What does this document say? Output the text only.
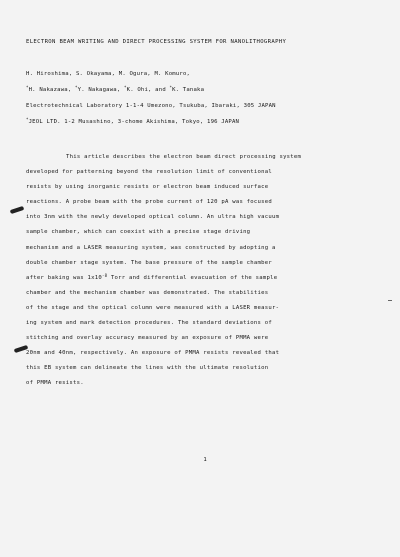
ELECTRON BEAM WRITING AND DIRECT PROCESSING SYSTEM FOR NANOLITHOGRAPHY
H. Hiroshima, S. Okayama, M. Ogura, M. Komuro,
*H. Nakazawa, *Y. Nakagawa, *K. Ohi, and *K. Tanaka
Electrotechnical Laboratory 1-1-4 Umezono, Tsukuba, Ibaraki, 305 JAPAN
*JEOL LTD. 1-2 Musashino, 3-chome Akishima, Tokyo, 196 JAPAN
This article describes the electron beam direct processing system
developed for patterning beyond the resolution limit of conventional
resists by using inorganic resists or electron beam induced surface
reactions. A probe beam with the probe current of 120 pA was focused
into 3nm with the newly developed optical column. An ultra high vacuum
sample chamber, which can coexist with a precise stage driving
mechanism and a LASER measuring system, was constructed by adopting a
double chamber stage system. The base pressure of the sample chamber
after baking was $1x10^{-8}$ Torr and differential evacuation of the sample
chamber and the mechanism chamber was demonstrated. The stabilities
of the stage and the optical column were measured with a LASER measur-
ing system and mark detection procedures. The standard deviations of
stitching and overlay accuracy measured by an exposure of PMMA were
20nm and 40nm, respectively. An exposure of PMMA resists revealed that
this EB system can delineate the lines with the ultimate resolution
of PMMA resists.
1
